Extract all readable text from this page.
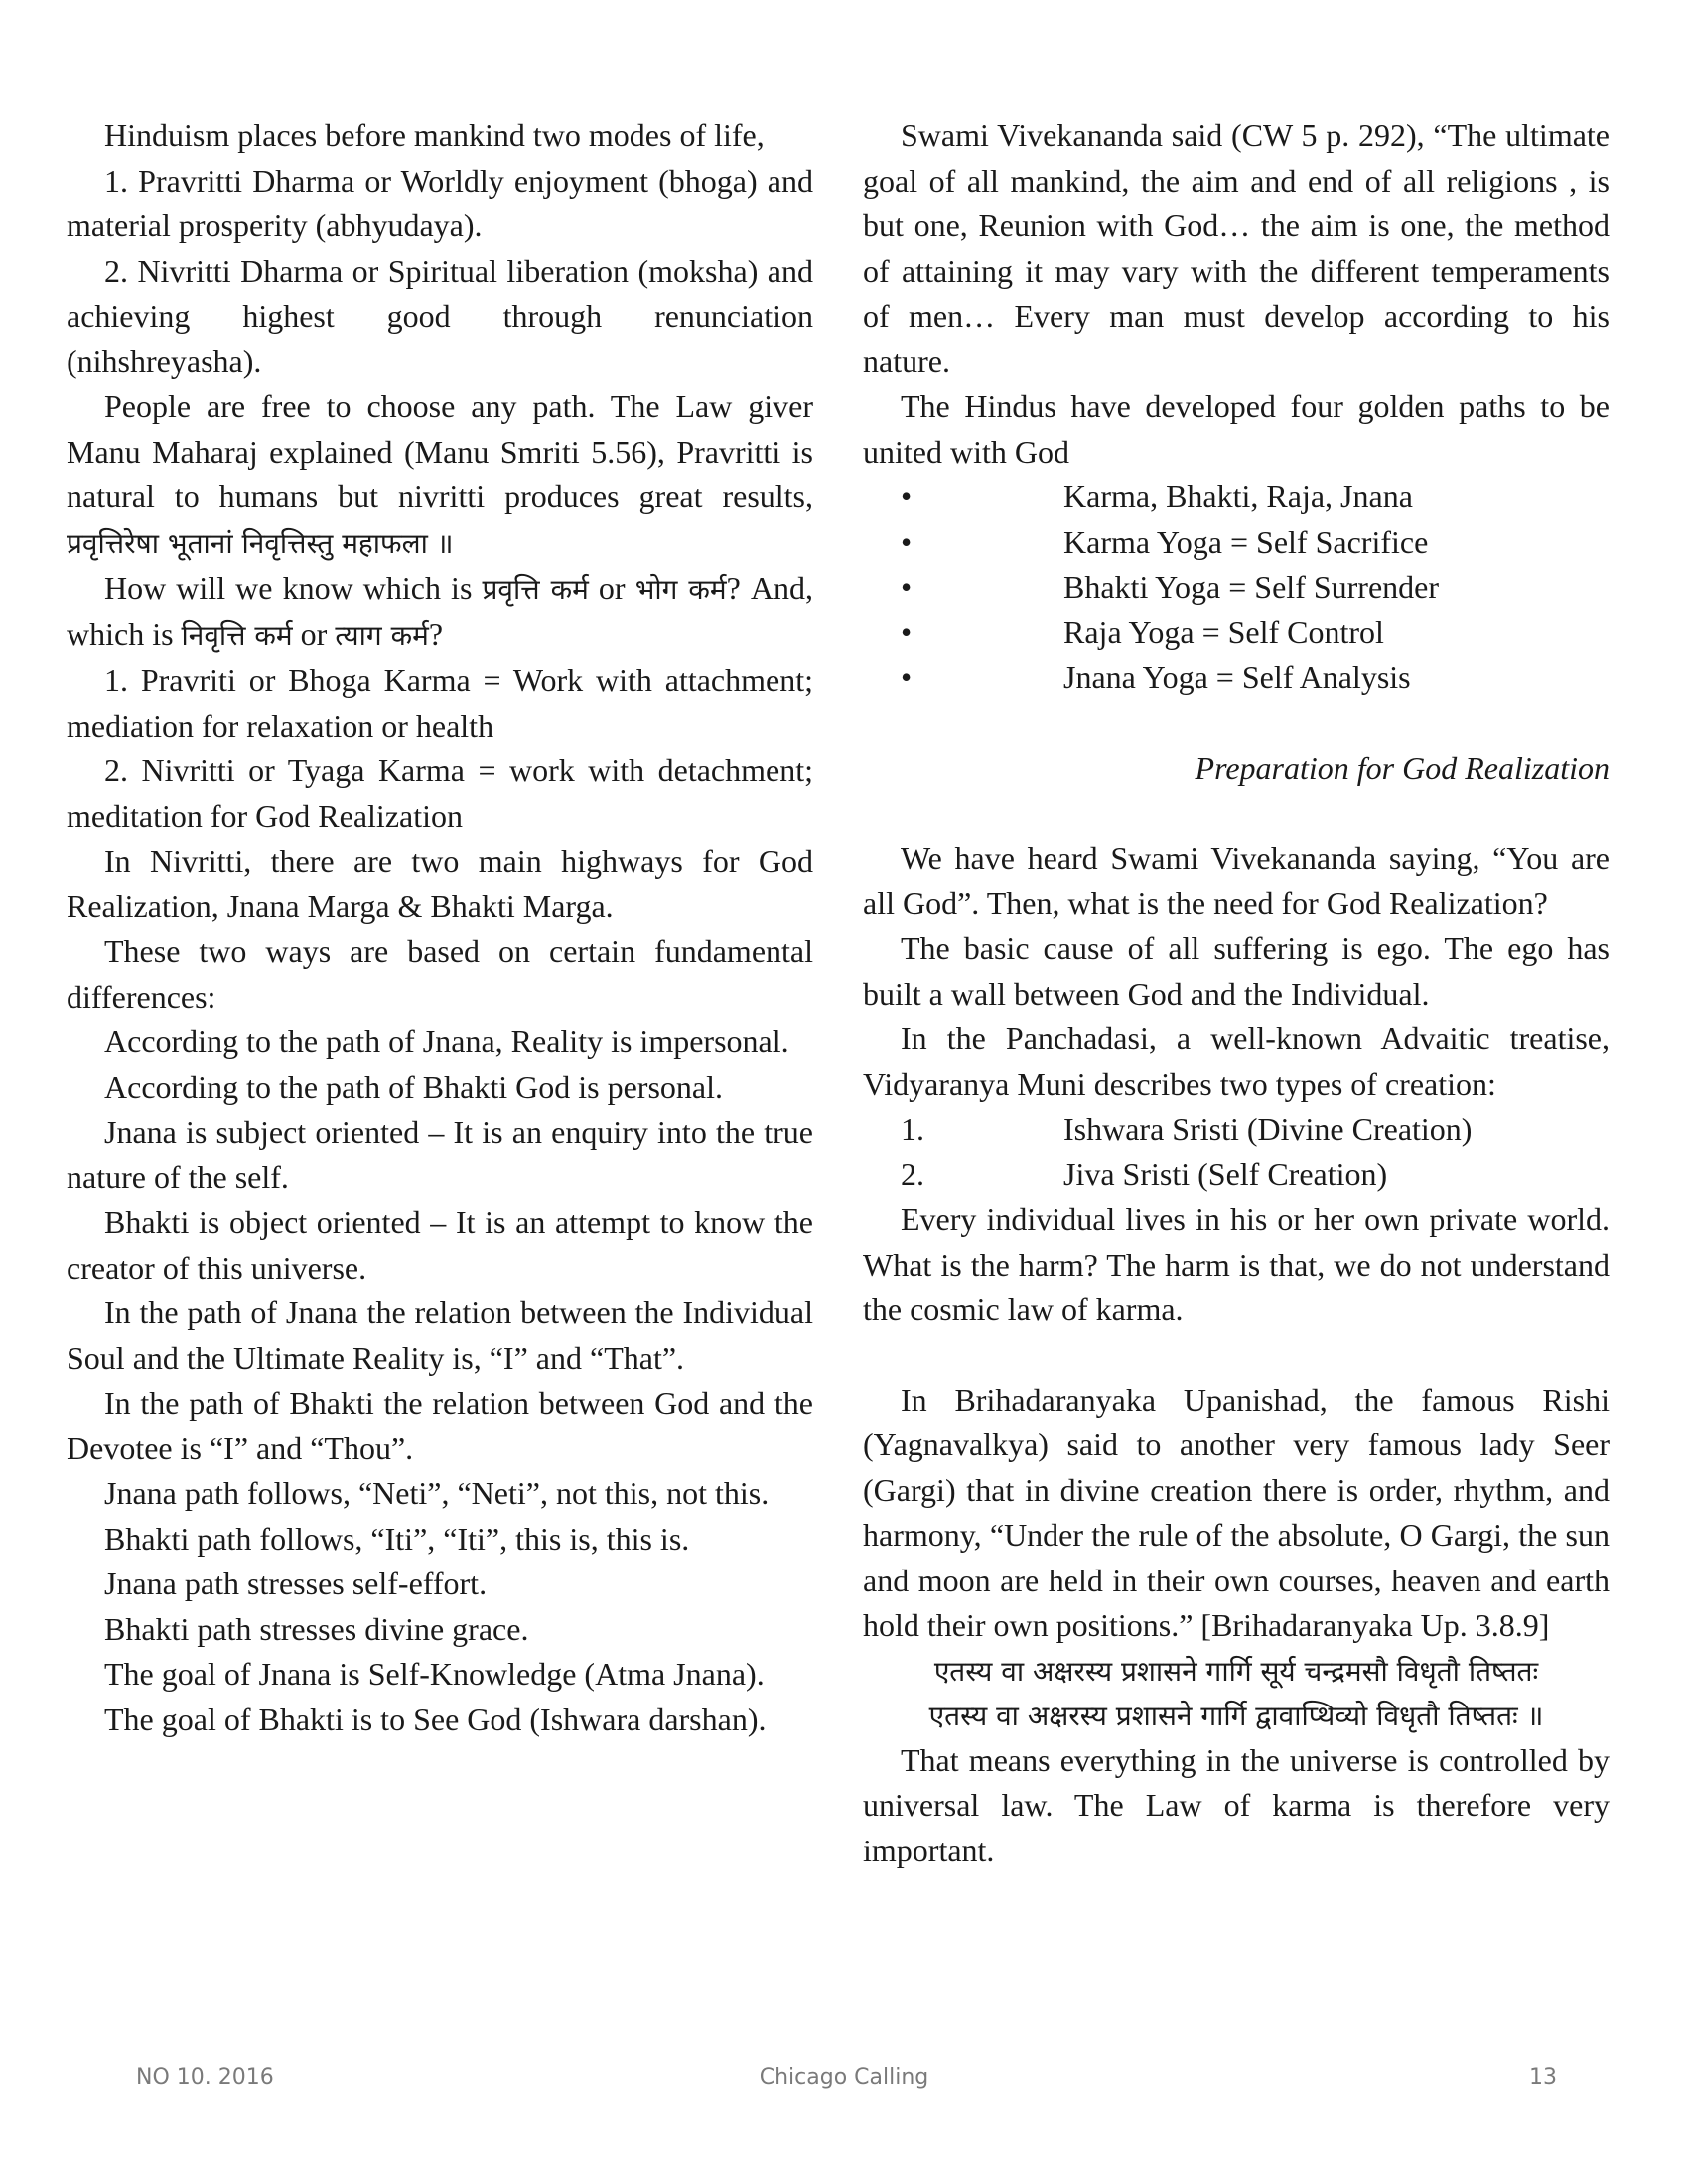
Hinduism places before mankind two modes of life,

1. Pravritti Dharma or Worldly enjoyment (bhoga) and material prosperity (abhyudaya).

2. Nivritti Dharma or Spiritual liberation (moksha) and achieving highest good through renunciation (nihshreyasha).

People are free to choose any path. The Law giver Manu Maharaj explained (Manu Smriti 5.56), Pravritti is natural to humans but nivritti produces great results, प्रवृत्तिरेषा भूतानां निवृत्तिस्तु महाफला ॥

How will we know which is प्रवृत्ति कर्म or भोग कर्म? And, which is निवृत्ति कर्म or त्याग कर्म?

1. Pravriti or Bhoga Karma = Work with attachment; mediation for relaxation or health

2. Nivritti or Tyaga Karma = work with detachment; meditation for God Realization

In Nivritti, there are two main highways for God Realization, Jnana Marga & Bhakti Marga.

These two ways are based on certain fundamental differences:

According to the path of Jnana, Reality is impersonal.

According to the path of Bhakti God is personal.

Jnana is subject oriented – It is an enquiry into the true nature of the self.

Bhakti is object oriented – It is an attempt to know the creator of this universe.

In the path of Jnana the relation between the Individual Soul and the Ultimate Reality is, “I” and “That”.

In the path of Bhakti the relation between God and the Devotee is “I” and “Thou”.

Jnana path follows, “Neti”, “Neti”, not this, not this.

Bhakti path follows, “Iti”, “Iti”, this is, this is.

Jnana path stresses self-effort.

Bhakti path stresses divine grace.

The goal of Jnana is Self-Knowledge (Atma Jnana).

The goal of Bhakti is to See God (Ishwara darshan).

Swami Vivekananda said (CW 5 p. 292), “The ultimate goal of all mankind, the aim and end of all religions , is but one, Reunion with God… the aim is one, the method of attaining it may vary with the different temperaments of men… Every man must develop according to his nature.

The Hindus have developed four golden paths to be united with God

•	Karma, Bhakti, Raja, Jnana
•	Karma Yoga = Self Sacrifice
•	Bhakti Yoga = Self Surrender
•	Raja Yoga = Self Control
•	Jnana Yoga = Self Analysis

Preparation for God Realization

We have heard Swami Vivekananda saying, “You are all God”. Then, what is the need for God Realization?

The basic cause of all suffering is ego. The ego has built a wall between God and the Individual.

In the Panchadasi, a well-known Advaitic treatise, Vidyaranya Muni describes two types of creation:

1.	Ishwara Sristi (Divine Creation)
2.	Jiva Sristi (Self Creation)

Every individual lives in his or her own private world. What is the harm? The harm is that, we do not understand the cosmic law of karma.

In Brihadaranyaka Upanishad, the famous Rishi (Yagnavalkya) said to another very famous lady Seer (Gargi) that in divine creation there is order, rhythm, and harmony, “Under the rule of the absolute, O Gargi, the sun and moon are held in their own courses, heaven and earth hold their own positions.” [Brihadaranyaka Up. 3.8.9]

एतस्य वा अक्षरस्य प्रशासने गार्गि सूर्य चन्द्रमसौ विधृतौ तिष्ततः

एतस्य वा अक्षरस्य प्रशासने गार्गि द्वावाप्थिव्यो विधृतौ तिष्ततः ॥

That means everything in the universe is controlled by universal law. The Law of karma is therefore very important.

NO 10. 2016	Chicago Calling	13
